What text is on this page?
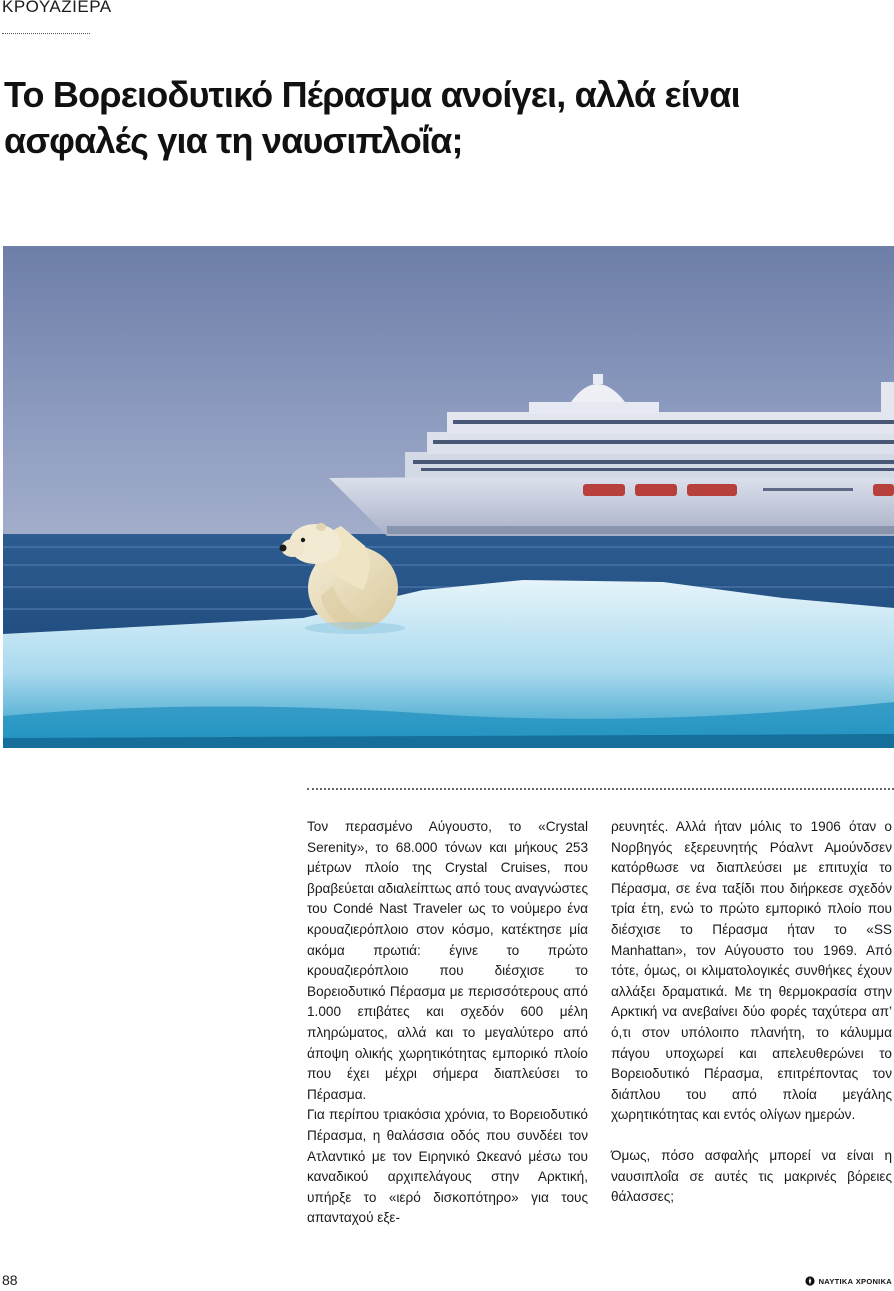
ΚΡΟΥΑΖΙΕΡΑ
Το Βορειοδυτικό Πέρασμα ανοίγει, αλλά είναι ασφαλές για τη ναυσιπλοΐα;

Τον περασμένο Αύγουστο, το «Crystal Serenity», το 68.000 τόνων και μήκους 253 μέτρων πλοίο της Crystal Cruises, που βραβεύεται αδιαλείπτως από τους αναγνώστες του Condé Nast Traveler ως το νούμερο ένα κρουαζιερόπλοιο στον κόσμο, κατέκτησε μία ακόμα πρωτιά: έγινε το πρώτο κρουαζιερόπλοιο που διέσχισε το Βορειοδυτικό Πέρασμα με περισσότερους από 1.000 επιβάτες και σχεδόν 600 μέλη πληρώματος, αλλά και το μεγαλύτερο από άποψη ολικής χωρητικότητας εμπορικό πλοίο που έχει μέχρι σήμερα διαπλεύσει το Πέρασμα.

Για περίπου τριακόσια χρόνια, το Βορειοδυτικό Πέρασμα, η θαλάσσια οδός που συνδέει τον Ατλαντικό με τον Ειρηνικό Ωκεανό μέσω του καναδικού αρχιπελάγους στην Αρκτική, υπήρξε το «ιερό δισκοπότηρο» για τους απανταχού εξε-

ρευνητές. Αλλά ήταν μόλις το 1906 όταν ο Νορβηγός εξερευνητής Ρόαλντ Αμούνδσεν κατόρθωσε να διαπλεύσει με επιτυχία το Πέρασμα, σε ένα ταξίδι που διήρκεσε σχεδόν τρία έτη, ενώ το πρώτο εμπορικό πλοίο που διέσχισε το Πέρασμα ήταν το «SS Manhattan», τον Αύγουστο του 1969. Από τότε, όμως, οι κλιματολογικές συνθήκες έχουν αλλάξει δραματικά. Με τη θερμοκρασία στην Αρκτική να ανεβαίνει δύο φορές ταχύτερα απ’ ό,τι στον υπόλοιπο πλανήτη, το κάλυμμα πάγου υποχωρεί και απελευθερώνει το Βορειοδυτικό Πέρασμα, επιτρέποντας τον διάπλου του από πλοία μεγάλης χωρητικότητας και εντός ολίγων ημερών.

Όμως, πόσο ασφαλής μπορεί να είναι η ναυσιπλοΐα σε αυτές τις μακρινές βόρειες θάλασσες;

88	ΝΑΥΤΙΚΑ ΧΡΟΝΙΚΑ
